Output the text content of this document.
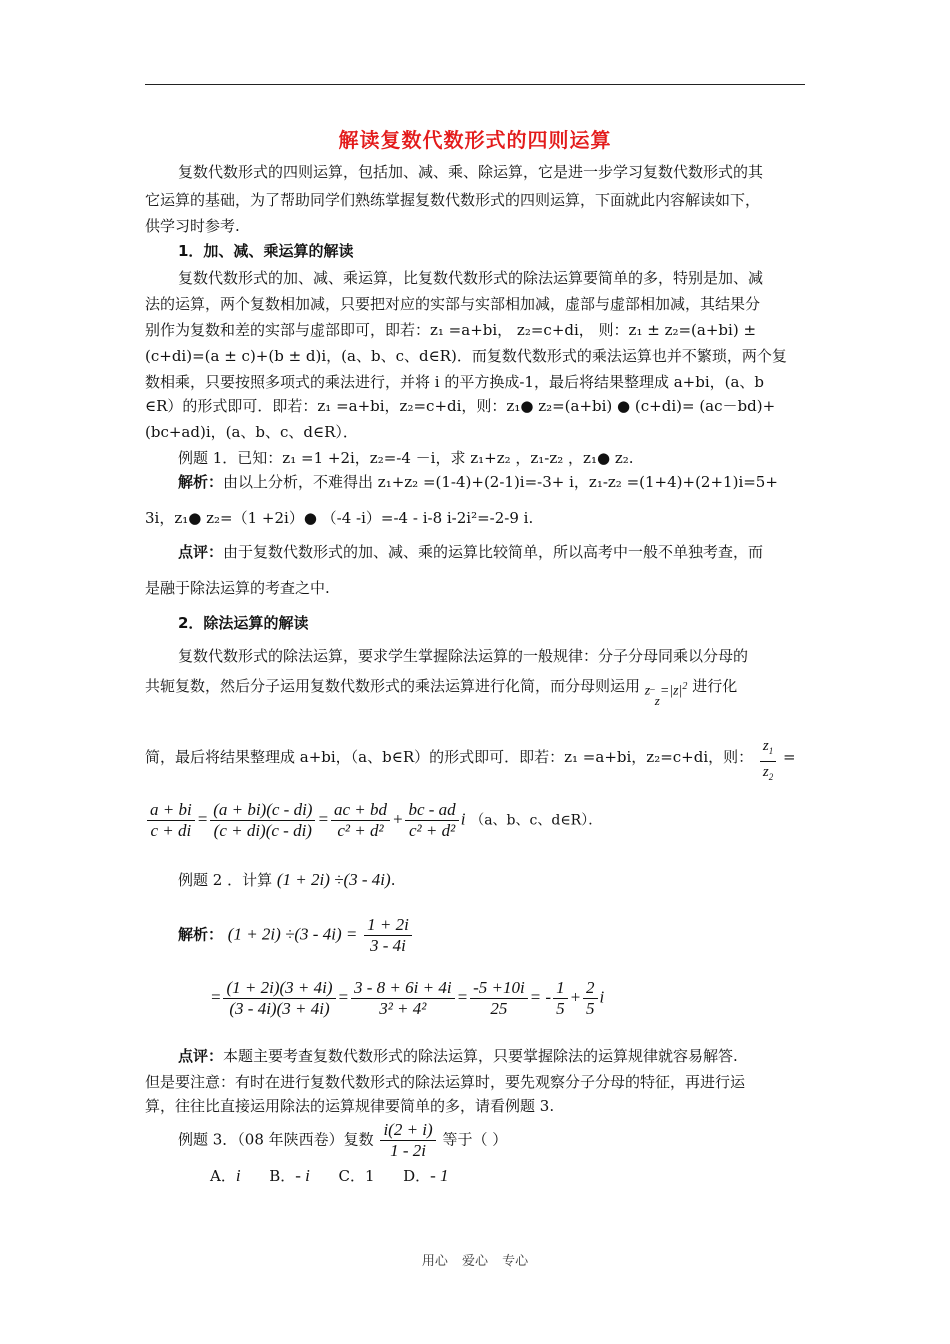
解读复数代数形式的四则运算
复数代数形式的四则运算，包括加、减、乘、除运算，它是进一步学习复数代数形式的其
它运算的基础，为了帮助同学们熟练掌握复数代数形式的四则运算，下面就此内容解读如下，
供学习时参考.
1．加、减、乘运算的解读
复数代数形式的加、减、乘运算，比复数代数形式的除法运算要简单的多，特别是加、减
法的运算，两个复数相加减，只要把对应的实部与实部相加减，虚部与虚部相加减，其结果分
别作为复数和差的实部与虚部即可，即若：z₁ =a+bi， z₂=c+di， 则：z₁ ± z₂=(a+bi) ±
(c+di)=(a ± c)+(b ± d)i，(a、b、c、d∈R)．而复数代数形式的乘法运算也并不繁琐，两个复
数相乘，只要按照多项式的乘法进行，并将 i 的平方换成-1，最后将结果整理成 a+bi，(a、b
∈R）的形式即可．即若：z₁ =a+bi，z₂=c+di，则：z₁● z₂=(a+bi) ● (c+di)= (ac－bd)+
(bc+ad)i，(a、b、c、d∈R）．
例题 1．已知：z₁ =1 +2i，z₂=-4 －i，求 z₁+z₂ ，z₁-z₂ ，z₁● z₂.
解析：由以上分析，不难得出 z₁+z₂ =(1-4)+(2-1)i=-3+ i，z₁-z₂ =(1+4)+(2+1)i=5+
3i，z₁● z₂=（1 +2i）● （-4 -i）=-4 - i-8 i-2i²=-2-9 i.
点评：由于复数代数形式的加、减、乘的运算比较简单，所以高考中一般不单独考查，而
是融于除法运算的考查之中.
2．除法运算的解读
复数代数形式的除法运算，要求学生掌握除法运算的一般规律：分子分母同乘以分母的
共轭复数，然后分子运用复数代数形式的乘法运算进行化简，而分母则运用 $z^{\_}z=|z|^2$ 进行化
简，最后将结果整理成 a+bi，（a、b∈R）的形式即可．即若：z₁ =a+bi，z₂=c+di，则： $\frac{z_1}{z_2}$ =
$\frac{a + bi}{c + di} = \frac{(a + bi)(c - di)}{(c + di)(c - di)} = \frac{ac + bd}{\text{c² + d²}} + \frac{bc - ad}{\text{c² + d²}}$ i （a、b、c、d∈R）．
例题 2 ．计算 (1 + 2i) ÷(3 - 4i).
解析： $(1 + 2i) \div(3 - 4i) = \frac{1 + 2i}{3 - 4i}$
= $\frac{(1 + 2i)(3 + 4i)}{(3 - 4i)(3 + 4i)} = \frac{3 - 8 + 6i + 4i}{\text{3² + 4²}} = \frac{-5 +10i}{25}$ = - $\frac{1}{5} + \frac{2}{5}$ i
点评：本题主要考查复数代数形式的除法运算，只要掌握除法的运算规律就容易解答.
但是要注意：有时在进行复数代数形式的除法运算时，要先观察分子分母的特征，再进行运
算，往往比直接运用除法的运算规律要简单的多，请看例题 3.
例题 3．（08 年陕西卷）复数 $\frac{i(2 + i)}{1 - 2i}$ 等于（ ）
A．i B．- i C．1 D．- 1
用心 爱心 专心
